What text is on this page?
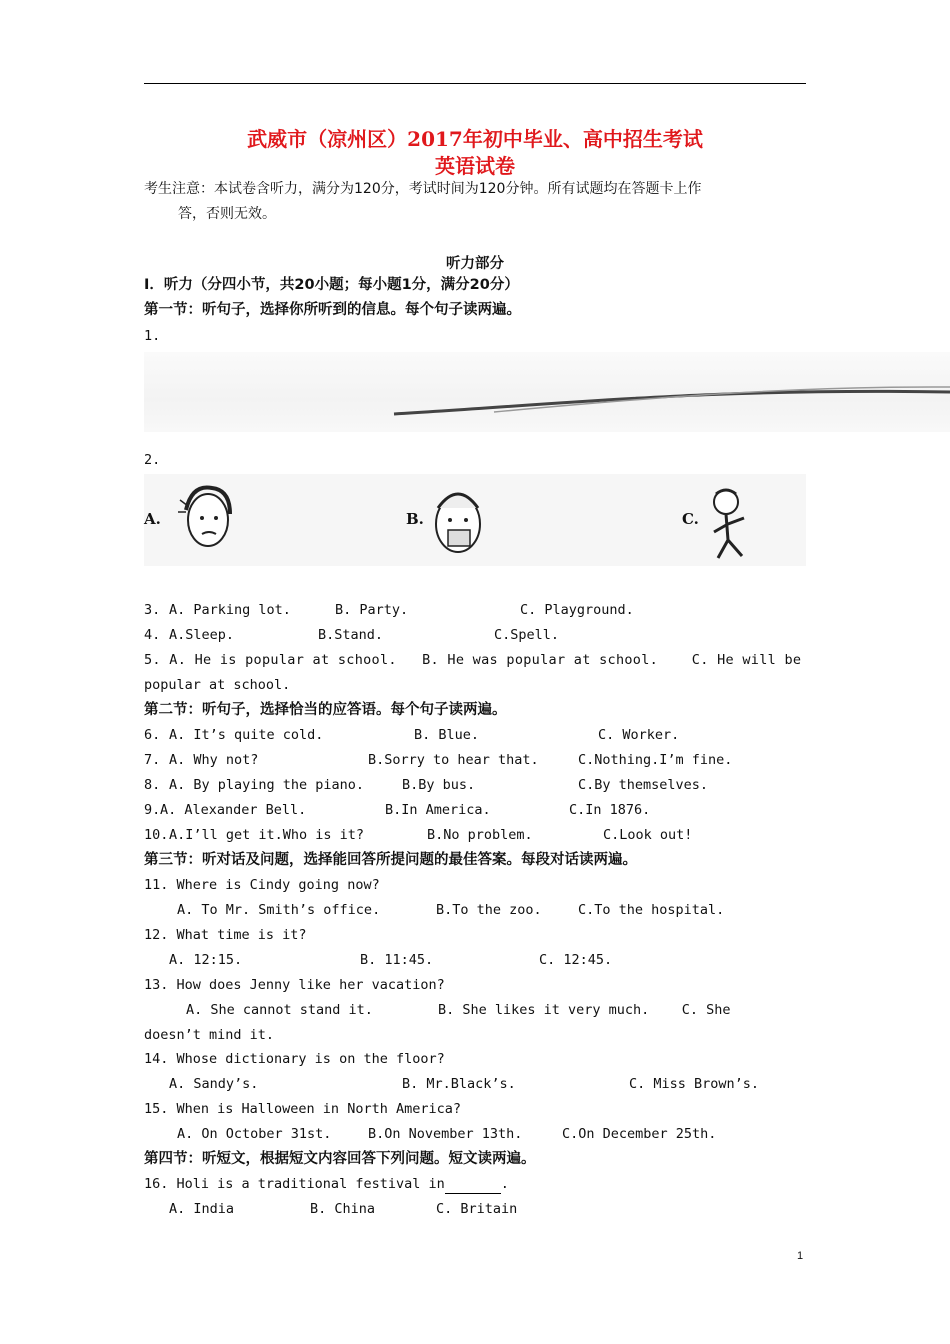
武威市（凉州区）2017年初中毕业、高中招生考试
英语试卷
考生注意：本试卷含听力，满分为120分，考试时间为120分钟。所有试题均在答题卡上作
答，否则无效。
听力部分
I．听力（分四小节，共20小题；每小题1分，满分20分）
第一节：听句子，选择你所听到的信息。每个句子读两遍。
1.
2.
A.	B.	C.
3. A. Parking lot.	B. Party.	C. Playground.
4. A.Sleep.	B.Stand.	C.Spell.
5. A. He is popular at school.   B. He was popular at school.    C. He will be
popular at school.
第二节：听句子，选择恰当的应答语。每个句子读两遍。
6. A. It’s quite cold.	B. Blue.	C. Worker.
7. A. Why not?	B.Sorry to hear that.	C.Nothing.I’m fine.
8. A. By playing the piano.	B.By bus.	C.By themselves.
9. A. Alexander Bell.	B.In America.	C.In 1876.
10. A.I’ll get it.Who is it?	B.No problem.	C.Look out!
第三节：听对话及问题，选择能回答所提问题的最佳答案。每段对话读两遍。
11. Where is Cindy going now?
A. To Mr. Smith’s office.	B.To the zoo.	C.To the hospital.
12. What time is it?
A. 12:15.	B. 11:45.	C. 12:45.
13. How does Jenny like her vacation?
A. She cannot stand it.        B. She likes it very much.    C. She
doesn’t mind it.
14. Whose dictionary is on the floor?
A. Sandy’s.	B. Mr.Black’s.	C. Miss Brown’s.
15. When is Halloween in North America?
A. On October 31st.	B.On November 13th.	C.On December 25th.
第四节：听短文，根据短文内容回答下列问题。短文读两遍。
16. Holi is a traditional festival in	.
A. India	B. China	C. Britain
1
